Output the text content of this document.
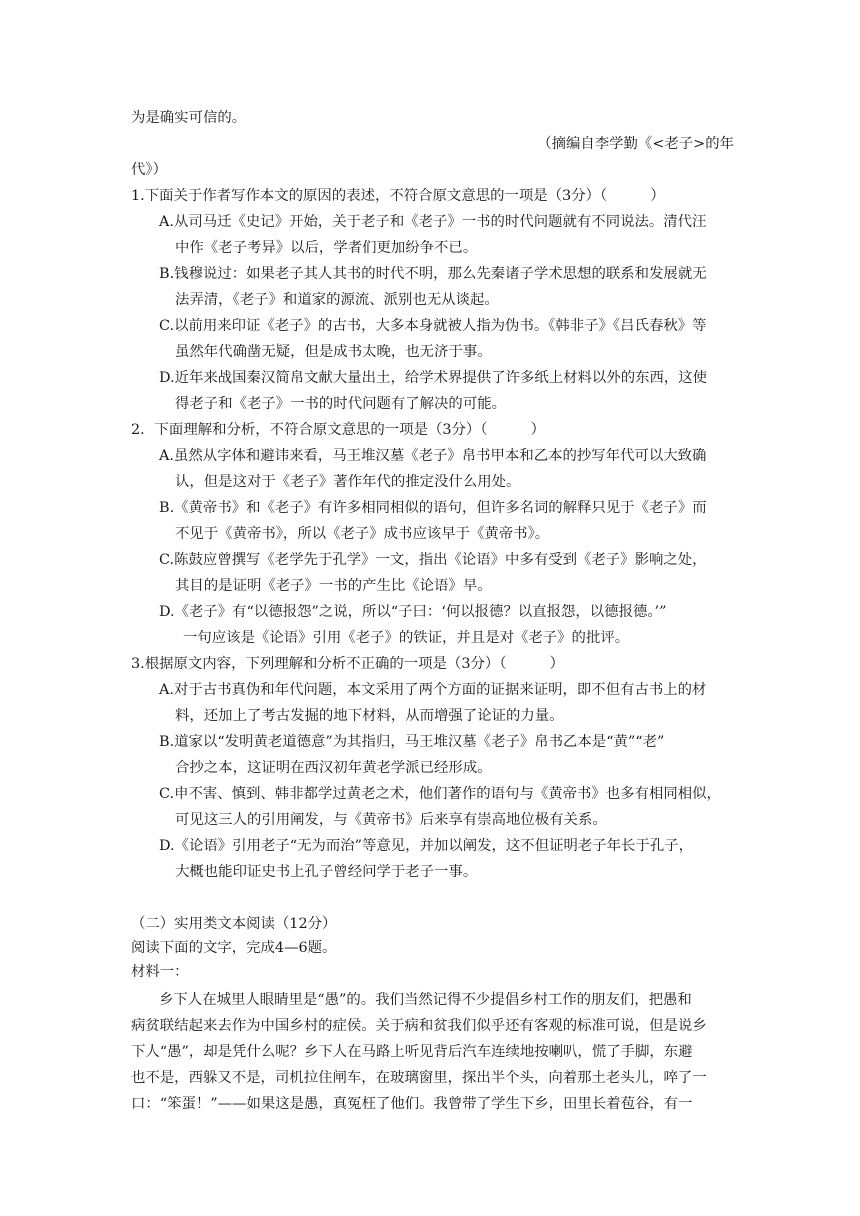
为是确实可信的。
（摘编自李学勤《<老子>的年
代》）
1.下面关于作者写作本文的原因的表述，不符合原文意思的一项是（3分）（　　　）
A.从司马迁《史记》开始，关于老子和《老子》一书的时代问题就有不同说法。清代汪
中作《老子考异》以后，学者们更加纷争不已。
B.钱穆说过：如果老子其人其书的时代不明，那么先秦诸子学术思想的联系和发展就无
法弄清，《老子》和道家的源流、派别也无从谈起。
C.以前用来印证《老子》的古书，大多本身就被人指为伪书。《韩非子》《吕氏春秋》等
虽然年代确凿无疑，但是成书太晚，也无济于事。
D.近年来战国秦汉简帛文献大量出土，给学术界提供了许多纸上材料以外的东西，这使
得老子和《老子》一书的时代问题有了解决的可能。
2．下面理解和分析，不符合原文意思的一项是（3分）（　　　）
A.虽然从字体和避讳来看，马王堆汉墓《老子》帛书甲本和乙本的抄写年代可以大致确
认，但是这对于《老子》著作年代的推定没什么用处。
B.《黄帝书》和《老子》有许多相同相似的语句，但许多名词的解释只见于《老子》而
不见于《黄帝书》，所以《老子》成书应该早于《黄帝书》。
C.陈鼓应曾撰写《老学先于孔学》一文，指出《论语》中多有受到《老子》影响之处，
其目的是证明《老子》一书的产生比《论语》早。
D.《老子》有“以德报怨”之说，所以“子曰：‘何以报德？以直报怨，以德报德。’”
一句应该是《论语》引用《老子》的铁证，并且是对《老子》的批评。
3.根据原文内容，下列理解和分析不正确的一项是（3分）（　　　）
A.对于古书真伪和年代问题，本文采用了两个方面的证据来证明，即不但有古书上的材
料，还加上了考古发掘的地下材料，从而增强了论证的力量。
B.道家以“发明黄老道德意”为其指归，马王堆汉墓《老子》帛书乙本是“黄”“老”
合抄之本，这证明在西汉初年黄老学派已经形成。
C.申不害、慎到、韩非都学过黄老之术，他们著作的语句与《黄帝书》也多有相同相似，
可见这三人的引用阐发，与《黄帝书》后来享有崇高地位极有关系。
D.《论语》引用老子“无为而治”等意见，并加以阐发，这不但证明老子年长于孔子，
大概也能印证史书上孔子曾经问学于老子一事。
（二）实用类文本阅读（12分）
阅读下面的文字，完成4—6题。
材料一：
乡下人在城里人眼睛里是“愚”的。我们当然记得不少提倡乡村工作的朋友们，把愚和
病贫联结起来去作为中国乡村的症侯。关于病和贫我们似乎还有客观的标准可说，但是说乡
下人“愚”，却是凭什么呢？乡下人在马路上听见背后汽车连续地按喇叭，慌了手脚，东避
也不是，西躲又不是，司机拉住闸车，在玻璃窗里，探出半个头，向着那土老头儿，啐了一
口：“笨蛋！”——如果这是愚，真冤枉了他们。我曾带了学生下乡，田里长着苞谷，有一
